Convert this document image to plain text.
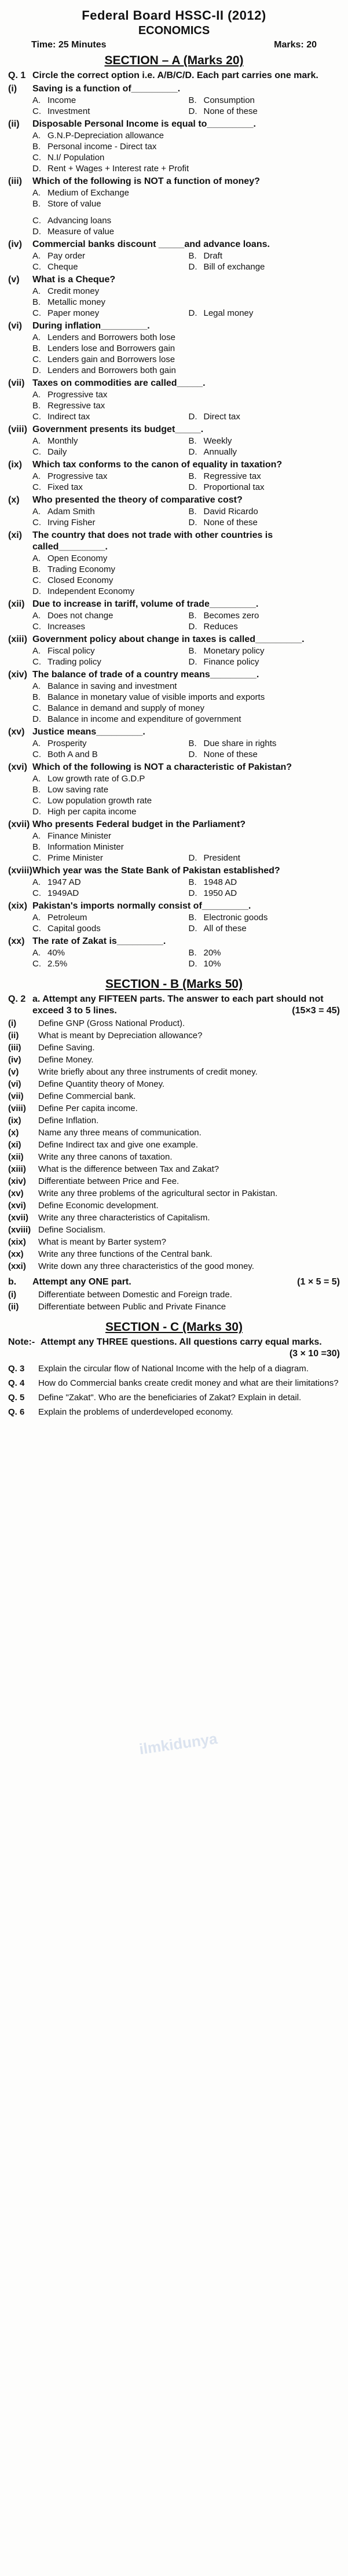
Federal Board HSSC-II (2012)
ECONOMICS
Time: 25 Minutes	Marks: 20
SECTION – A (Marks 20)
Q. 1 Circle the correct option i.e. A/B/C/D. Each part carries one mark.
(i)	Saving is a function of_________.
A. Income	B. Consumption
C. Investment	D. None of these
(ii)	Disposable Personal Income is equal to_________.
A. G.N.P-Depreciation allowance
B. Personal income - Direct tax
C. N.I/ Population
D. Rent + Wages + Interest rate + Profit
(iii)	Which of the following is NOT a function of money?
A. Medium of Exchange
B. Store of value
C. Advancing loans
D. Measure of value
(iv)	Commercial banks discount _____and advance loans.
A. Pay order	B. Draft
C. Cheque	D. Bill of exchange
(v)	What is a Cheque?
A. Credit money
B. Metallic money
C. Paper money	D. Legal money
(vi)	During inflation_________.
A. Lenders and Borrowers both lose
B. Lenders lose and Borrowers gain
C. Lenders gain and Borrowers lose
D. Lenders and Borrowers both gain
(vii) Taxes on commodities are called_____.
A. Progressive tax
B. Regressive tax
C. Indirect tax	D. Direct tax
(viii) Government presents its budget_____.
A. Monthly	B. Weekly
C. Daily	D. Annually
(ix)	Which tax conforms to the canon of equality in taxation?
A. Progressive tax	B. Regressive tax
C. Fixed tax	D. Proportional tax
(x)	Who presented the theory of comparative cost?
A. Adam Smith	B. David Ricardo
C. Irving Fisher	D. None of these
(xi)	The country that does not trade with other countries is called_________.
A. Open Economy
B. Trading Economy
C. Closed Economy
D. Independent Economy
(xii) Due to increase in tariff, volume of trade_________.
A. Does not change	B. Becomes zero
C. Increases	D. Reduces
(xiii) Government policy about change in taxes is called_________.
A. Fiscal policy	B. Monetary policy
C. Trading policy	D. Finance policy
(xiv) The balance of trade of a country means_________.
A. Balance in saving and investment
B. Balance in monetary value of visible imports and exports
C. Balance in demand and supply of money
D. Balance in income and expenditure of government
(xv) Justice means_________.
A. Prosperity	B. Due share in rights
C. Both A and B	D. None of these
(xvi) Which of the following is NOT a characteristic of Pakistan?
A. Low growth rate of G.D.P
B. Low saving rate
C. Low population growth rate
D. High per capita income
(xvii) Who presents Federal budget in the Parliament?
A. Finance Minister
B. Information Minister
C. Prime Minister	D. President
(xviii) Which year was the State Bank of Pakistan established?
A. 1947 AD	B. 1948 AD
C. 1949AD	D. 1950 AD
(xix) Pakistan's imports normally consist of_________.
A. Petroleum	B. Electronic goods
C. Capital goods	D. All of these
(xx) The rate of Zakat is_________.
A. 40%	B. 20%
C. 2.5%	D. 10%
SECTION - B (Marks 50)
Q. 2 a. Attempt any FIFTEEN parts. The answer to each part should not exceed 3 to 5 lines.	(15×3 = 45)
(i)	Define GNP (Gross National Product).
(ii)	What is meant by Depreciation allowance?
(iii)	Define Saving.
(iv)	Define Money.
(v)	Write briefly about any three instruments of credit money.
(vi)	Define Quantity theory of Money.
(vii)	Define Commercial bank.
(viii)	Define Per capita income.
(ix)	Define Inflation.
(x)	Name any three means of communication.
(xi)	Define Indirect tax and give one example.
(xii)	Write any three canons of taxation.
(xiii)	What is the difference between Tax and Zakat?
(xiv)	Differentiate between Price and Fee.
(xv)	Write any three problems of the agricultural sector in Pakistan.
(xvi)	Define Economic development.
(xvii)	Write any three characteristics of Capitalism.
(xviii) Define Socialism.
(xix)	What is meant by Barter system?
(xx)	Write any three functions of the Central bank.
(xxi)	Write down any three characteristics of the good money.
b.	Attempt any ONE part.	(1 × 5 = 5)
(i)	Differentiate between Domestic and Foreign trade.
(ii)	Differentiate between Public and Private Finance
SECTION - C (Marks 30)
Note:- Attempt any THREE questions. All questions carry equal marks.
(3 × 10 =30)
Q. 3	Explain the circular flow of National Income with the help of a diagram.
Q. 4	How do Commercial banks create credit money and what are their limitations?
Q. 5	Define "Zakat". Who are the beneficiaries of Zakat? Explain in detail.
Q. 6	Explain the problems of underdeveloped economy.
ilmkidunya
